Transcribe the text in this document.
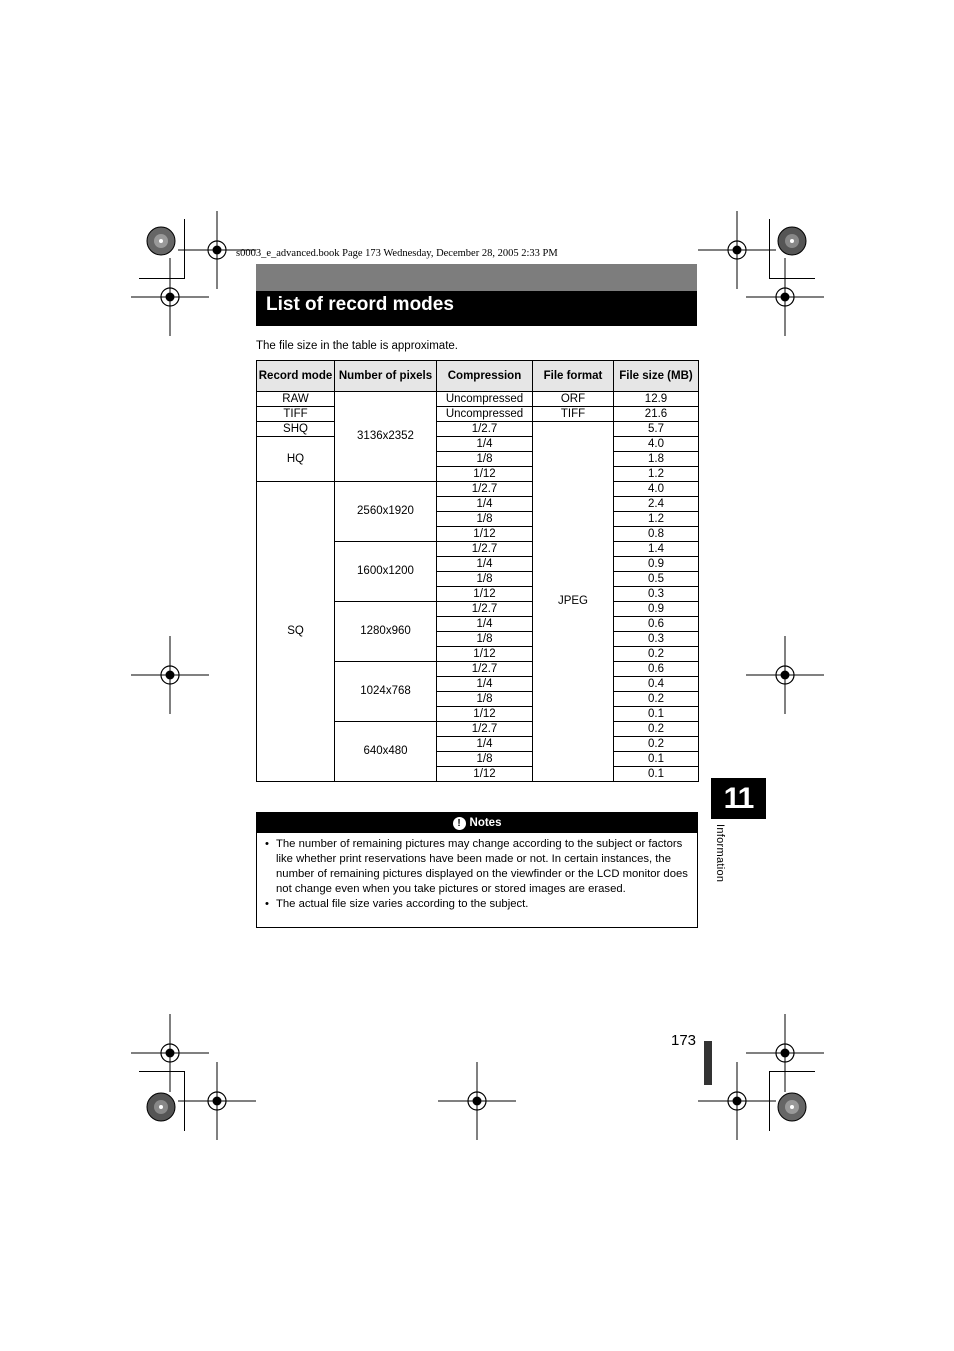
s0003_e_advanced.book Page 173 Wednesday, December 28, 2005 2:33 PM
List of record modes
The file size in the table is approximate.
Record mode	Number of pixels	Compression	File format	File size (MB)
RAW	3136x2352	Uncompressed	ORF	12.9
TIFF		Uncompressed	TIFF	21.6
SHQ		1/2.7	JPEG	5.7
HQ		1/4		4.0
		1/8		1.8
		1/12		1.2
SQ	2560x1920	1/2.7		4.0
		1/4		2.4
		1/8		1.2
		1/12		0.8
	1600x1200	1/2.7		1.4
		1/4		0.9
		1/8		0.5
		1/12		0.3
	1280x960	1/2.7		0.9
		1/4		0.6
		1/8		0.3
		1/12		0.2
	1024x768	1/2.7		0.6
		1/4		0.4
		1/8		0.2
		1/12		0.1
	640x480	1/2.7		0.2
		1/4		0.2
		1/8		0.1
		1/12		0.1
! Notes
• The number of remaining pictures may change according to the subject or factors like whether print reservations have been made or not. In certain instances, the number of remaining pictures displayed on the viewfinder or the LCD monitor does not change even when you take pictures or stored images are erased.
• The actual file size varies according to the subject.
11
Information
173
